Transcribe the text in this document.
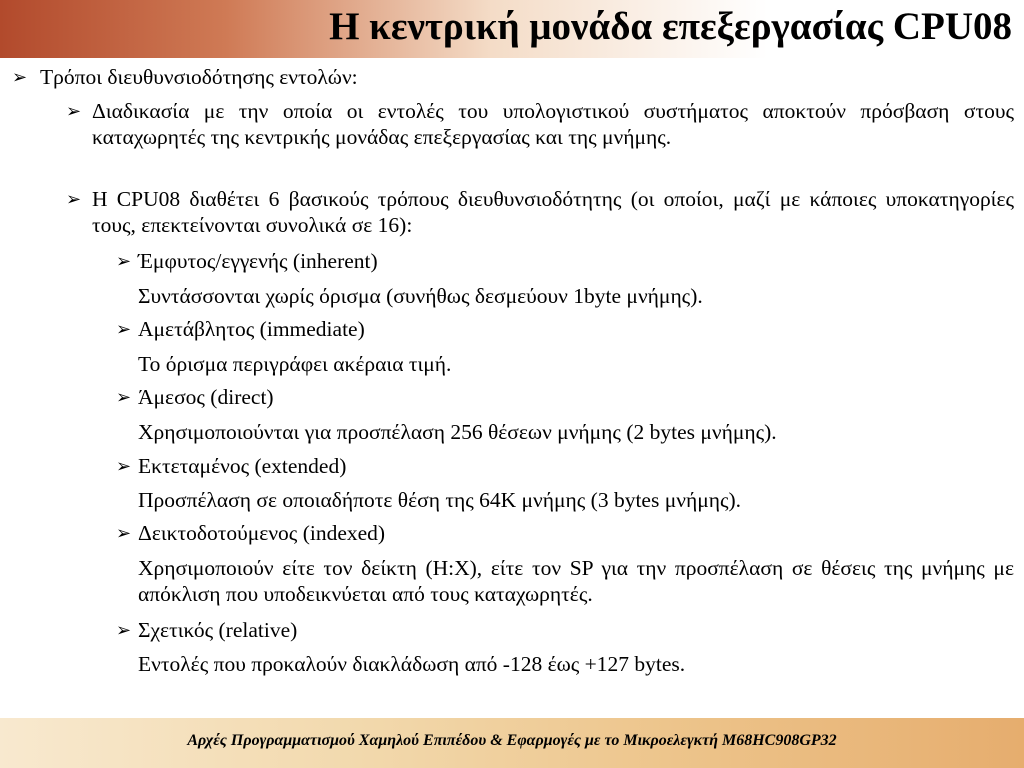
Η κεντρική μονάδα επεξεργασίας CPU08
➢ Τρόποι διευθυνσιοδότησης εντολών:
➢ Διαδικασία με την οποία οι εντολές του υπολογιστικού συστήματος αποκτούν πρόσβαση στους καταχωρητές της κεντρικής μονάδας επεξεργασίας και της μνήμης.
➢ Η CPU08 διαθέτει 6 βασικούς τρόπους διευθυνσιοδότητης (οι οποίοι, μαζί με κάποιες υποκατηγορίες τους, επεκτείνονται συνολικά σε 16):
➢ Έμφυτος/εγγενής (inherent)
Συντάσσονται χωρίς όρισμα (συνήθως δεσμεύουν 1byte μνήμης).
➢ Αμετάβλητος (immediate)
Το όρισμα περιγράφει ακέραια τιμή.
➢ Άμεσος (direct)
Χρησιμοποιούνται για προσπέλαση 256 θέσεων μνήμης (2 bytes μνήμης).
➢ Εκτεταμένος (extended)
Προσπέλαση σε οποιαδήποτε θέση της 64K μνήμης (3 bytes μνήμης).
➢ Δεικτοδοτούμενος (indexed)
Χρησιμοποιούν είτε τον δείκτη (H:X), είτε τον SP για την προσπέλαση σε θέσεις της μνήμης με απόκλιση που υποδεικνύεται από τους καταχωρητές.
➢ Σχετικός (relative)
Εντολές που προκαλούν διακλάδωση από -128 έως +127 bytes.
Αρχές Προγραμματισμού Χαμηλού Επιπέδου & Εφαρμογές με το Μικροελεγκτή Μ68HC908GP32
